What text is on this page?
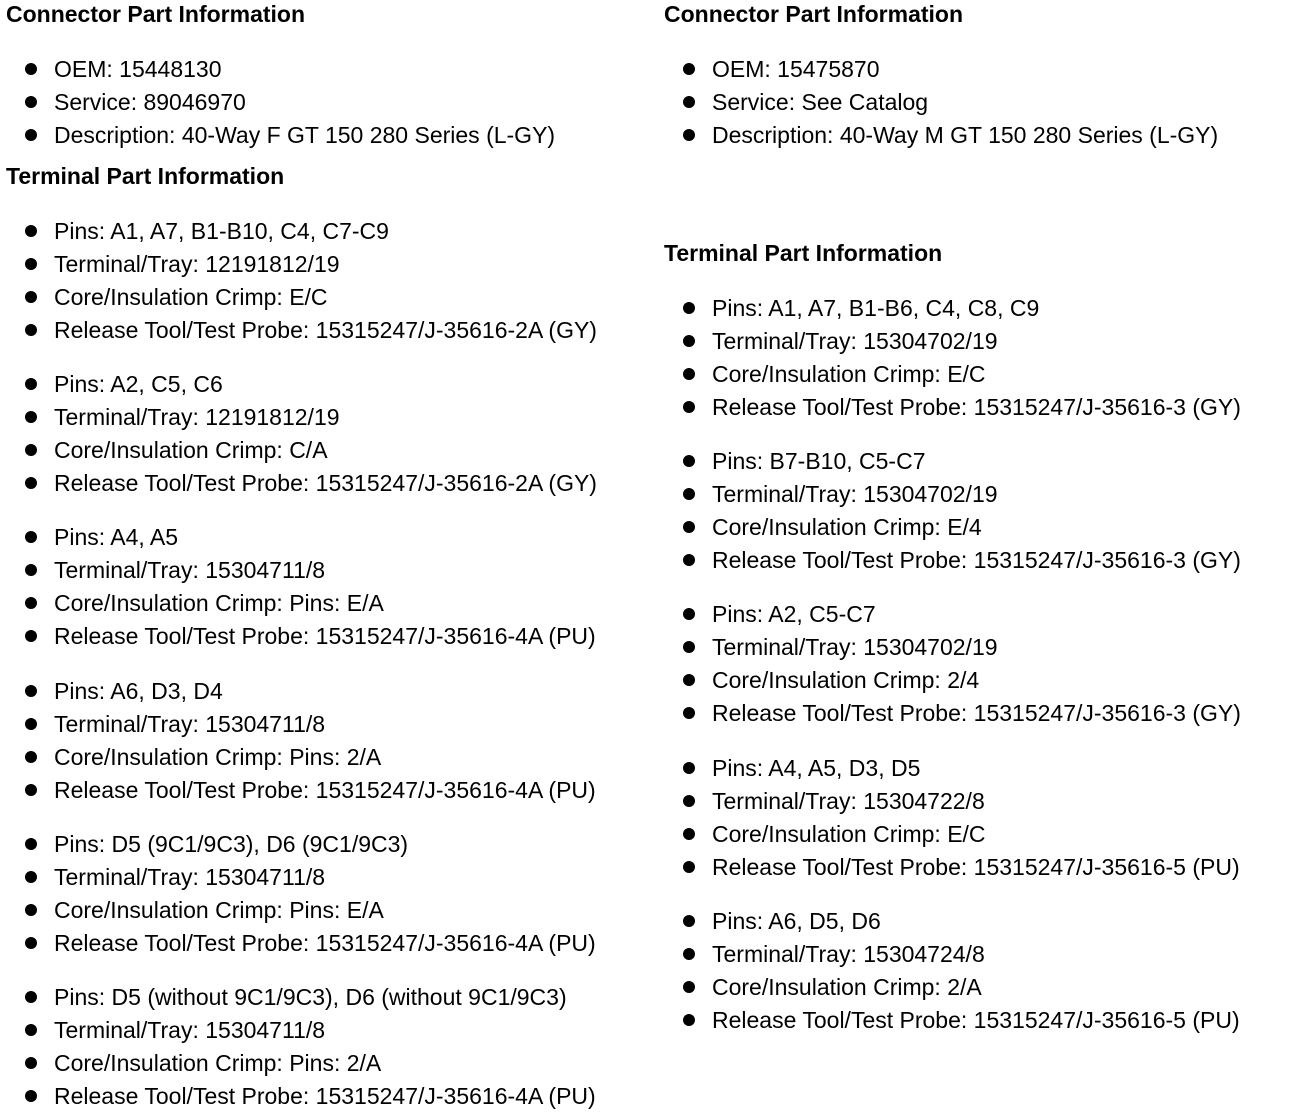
Connector Part Information
OEM: 15448130
Service: 89046970
Description: 40-Way F GT 150 280 Series (L-GY)
Terminal Part Information
Pins: A1, A7, B1-B10, C4, C7-C9
Terminal/Tray: 12191812/19
Core/Insulation Crimp: E/C
Release Tool/Test Probe: 15315247/J-35616-2A (GY)
Pins: A2, C5, C6
Terminal/Tray: 12191812/19
Core/Insulation Crimp: C/A
Release Tool/Test Probe: 15315247/J-35616-2A (GY)
Pins: A4, A5
Terminal/Tray: 15304711/8
Core/Insulation Crimp: Pins: E/A
Release Tool/Test Probe: 15315247/J-35616-4A (PU)
Pins: A6, D3, D4
Terminal/Tray: 15304711/8
Core/Insulation Crimp: Pins: 2/A
Release Tool/Test Probe: 15315247/J-35616-4A (PU)
Pins: D5 (9C1/9C3), D6 (9C1/9C3)
Terminal/Tray: 15304711/8
Core/Insulation Crimp: Pins: E/A
Release Tool/Test Probe: 15315247/J-35616-4A (PU)
Pins: D5 (without 9C1/9C3), D6 (without 9C1/9C3)
Terminal/Tray: 15304711/8
Core/Insulation Crimp: Pins: 2/A
Release Tool/Test Probe: 15315247/J-35616-4A (PU)
Connector Part Information
OEM: 15475870
Service: See Catalog
Description: 40-Way M GT 150 280 Series (L-GY)
Terminal Part Information
Pins: A1, A7, B1-B6, C4, C8, C9
Terminal/Tray: 15304702/19
Core/Insulation Crimp: E/C
Release Tool/Test Probe: 15315247/J-35616-3 (GY)
Pins: B7-B10, C5-C7
Terminal/Tray: 15304702/19
Core/Insulation Crimp: E/4
Release Tool/Test Probe: 15315247/J-35616-3 (GY)
Pins: A2, C5-C7
Terminal/Tray: 15304702/19
Core/Insulation Crimp: 2/4
Release Tool/Test Probe: 15315247/J-35616-3 (GY)
Pins: A4, A5, D3, D5
Terminal/Tray: 15304722/8
Core/Insulation Crimp: E/C
Release Tool/Test Probe: 15315247/J-35616-5 (PU)
Pins: A6, D5, D6
Terminal/Tray: 15304724/8
Core/Insulation Crimp: 2/A
Release Tool/Test Probe: 15315247/J-35616-5 (PU)
